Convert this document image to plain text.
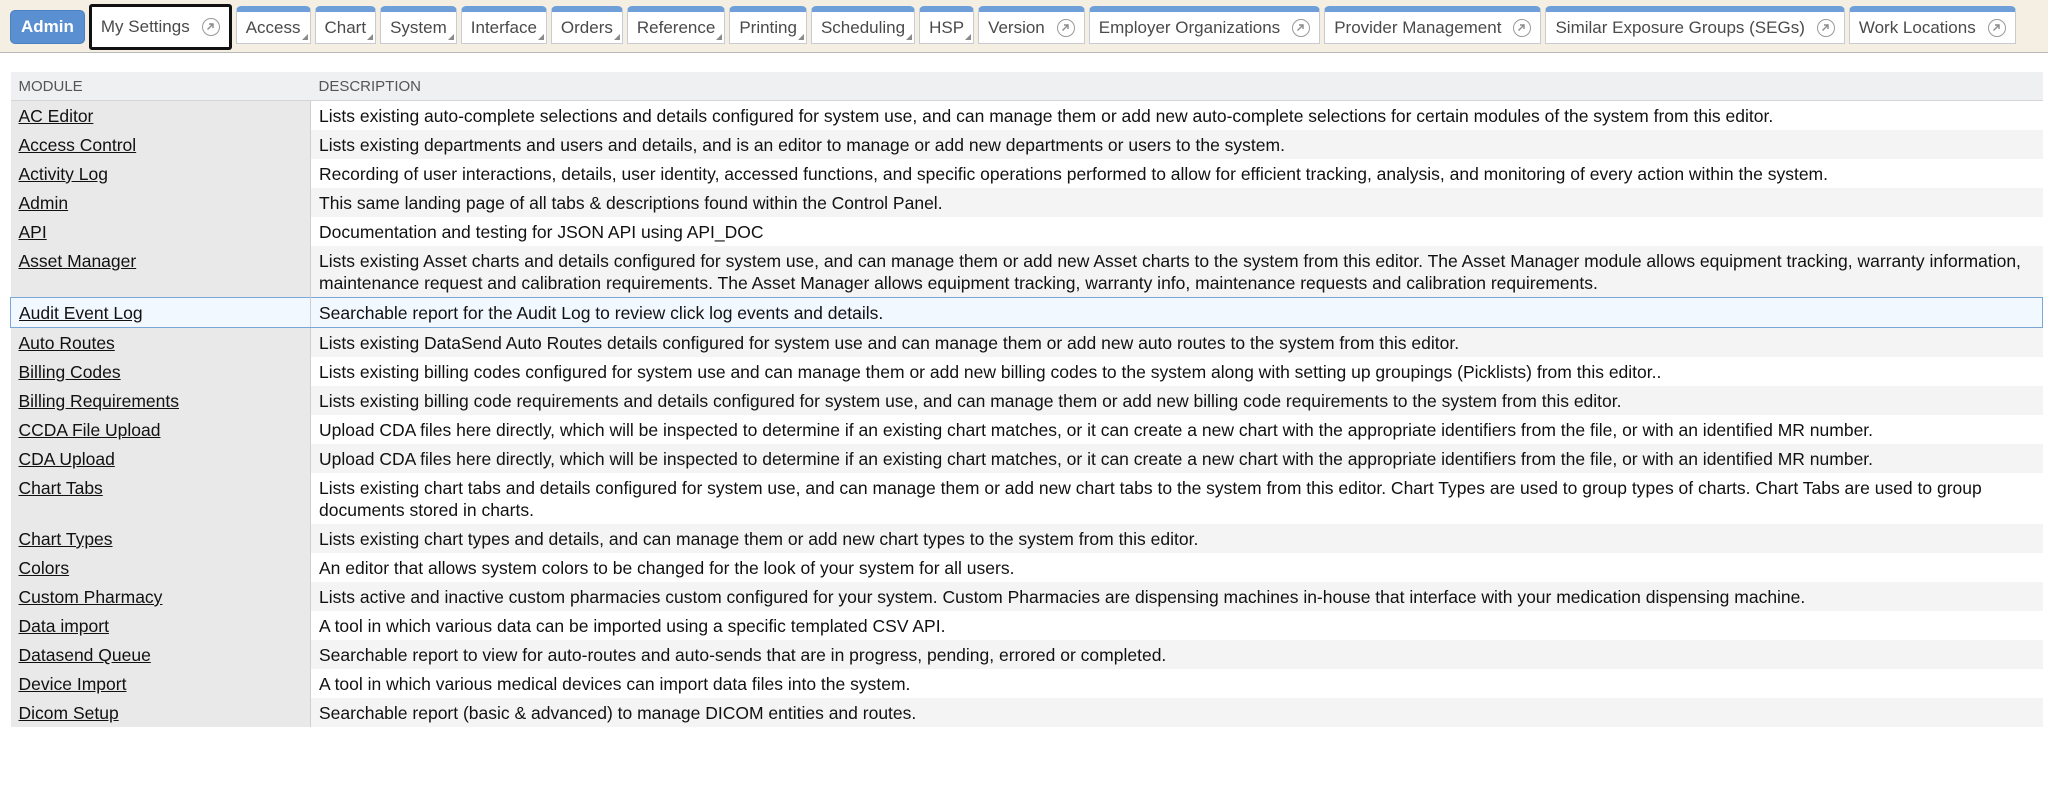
Admin My Settings	Access Chart System Interface Orders Reference Printing Scheduling HSP Version	Employer Organizations	Provider Management	Similar Exposure Groups (SEGs)	Work Locations
MODULE	DESCRIPTION
AC Editor	Lists existing auto-complete selections and details configured for system use, and can manage them or add new auto-complete selections for certain modules of the system from this editor.
Access Control	Lists existing departments and users and details, and is an editor to manage or add new departments or users to the system.
Activity Log	Recording of user interactions, details, user identity, accessed functions, and specific operations performed to allow for efficient tracking, analysis, and monitoring of every action within the system.
Admin	This same landing page of all tabs & descriptions found within the Control Panel.
API	Documentation and testing for JSON API using API_DOC
Asset Manager	Lists existing Asset charts and details configured for system use, and can manage them or add new Asset charts to the system from this editor. The Asset Manager module allows equipment tracking, warranty information, maintenance request and calibration requirements. The Asset Manager allows equipment tracking, warranty info, maintenance requests and calibration requirements.
Audit Event Log	Searchable report for the Audit Log to review click log events and details.
Auto Routes	Lists existing DataSend Auto Routes details configured for system use and can manage them or add new auto routes to the system from this editor.
Billing Codes	Lists existing billing codes configured for system use and can manage them or add new billing codes to the system along with setting up groupings (Picklists) from this editor..
Billing Requirements	Lists existing billing code requirements and details configured for system use, and can manage them or add new billing code requirements to the system from this editor.
CCDA File Upload	Upload CDA files here directly, which will be inspected to determine if an existing chart matches, or it can create a new chart with the appropriate identifiers from the file, or with an identified MR number.
CDA Upload	Upload CDA files here directly, which will be inspected to determine if an existing chart matches, or it can create a new chart with the appropriate identifiers from the file, or with an identified MR number.
Chart Tabs	Lists existing chart tabs and details configured for system use, and can manage them or add new chart tabs to the system from this editor. Chart Types are used to group types of charts. Chart Tabs are used to group documents stored in charts.
Chart Types	Lists existing chart types and details, and can manage them or add new chart types to the system from this editor.
Colors	An editor that allows system colors to be changed for the look of your system for all users.
Custom Pharmacy	Lists active and inactive custom pharmacies custom configured for your system. Custom Pharmacies are dispensing machines in-house that interface with your medication dispensing machine.
Data import	A tool in which various data can be imported using a specific templated CSV API.
Datasend Queue	Searchable report to view for auto-routes and auto-sends that are in progress, pending, errored or completed.
Device Import	A tool in which various medical devices can import data files into the system.
Dicom Setup	Searchable report (basic & advanced) to manage DICOM entities and routes.
